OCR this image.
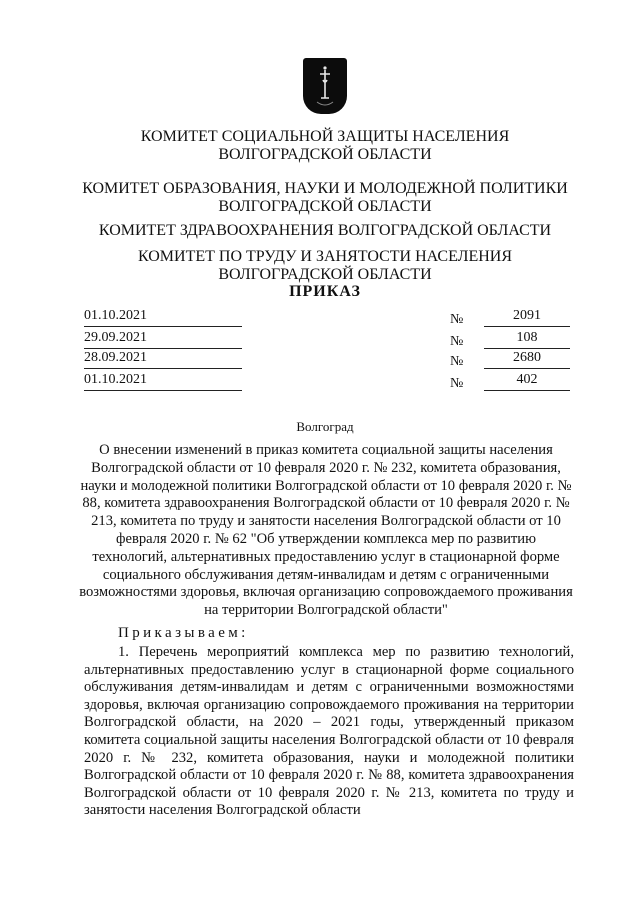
КОМИТЕТ СОЦИАЛЬНОЙ ЗАЩИТЫ НАСЕЛЕНИЯ
ВОЛГОГРАДСКОЙ ОБЛАСТИ
КОМИТЕТ ОБРАЗОВАНИЯ, НАУКИ И МОЛОДЕЖНОЙ ПОЛИТИКИ
ВОЛГОГРАДСКОЙ ОБЛАСТИ
КОМИТЕТ ЗДРАВООХРАНЕНИЯ ВОЛГОГРАДСКОЙ ОБЛАСТИ
КОМИТЕТ ПО ТРУДУ И ЗАНЯТОСТИ НАСЕЛЕНИЯ
ВОЛГОГРАДСКОЙ ОБЛАСТИ
ПРИКАЗ
01.10.2021	№	2091
29.09.2021	№	108
28.09.2021	№	2680
01.10.2021	№	402
Волгоград
О внесении изменений в приказ комитета социальной защиты населения Волгоградской области от 10 февраля 2020 г. № 232, комитета образования, науки и молодежной политики Волгоградской области от 10 февраля 2020 г. № 88, комитета здравоохранения Волгоградской области от 10 февраля 2020 г. № 213, комитета по труду и занятости населения Волгоградской области от 10 февраля 2020 г. № 62 "Об утверждении комплекса мер по развитию технологий, альтернативных предоставлению услуг в стационарной форме социального обслуживания детям-инвалидам и детям с ограниченными возможностями здоровья, включая организацию сопровождаемого проживания на территории Волгоградской области"
Приказываем:
1. Перечень мероприятий комплекса мер по развитию технологий, альтернативных предоставлению услуг в стационарной форме социального обслуживания детям-инвалидам и детям с ограниченными возможностями здоровья, включая организацию сопровождаемого проживания на территории Волгоградской области, на 2020 – 2021 годы, утвержденный приказом комитета социальной защиты населения Волгоградской области от 10 февраля 2020 г. № 232, комитета образования, науки и молодежной политики Волгоградской области от 10 февраля 2020 г. № 88, комитета здравоохранения Волгоградской области от 10 февраля 2020 г. № 213, комитета по труду и занятости населения Волгоградской области
